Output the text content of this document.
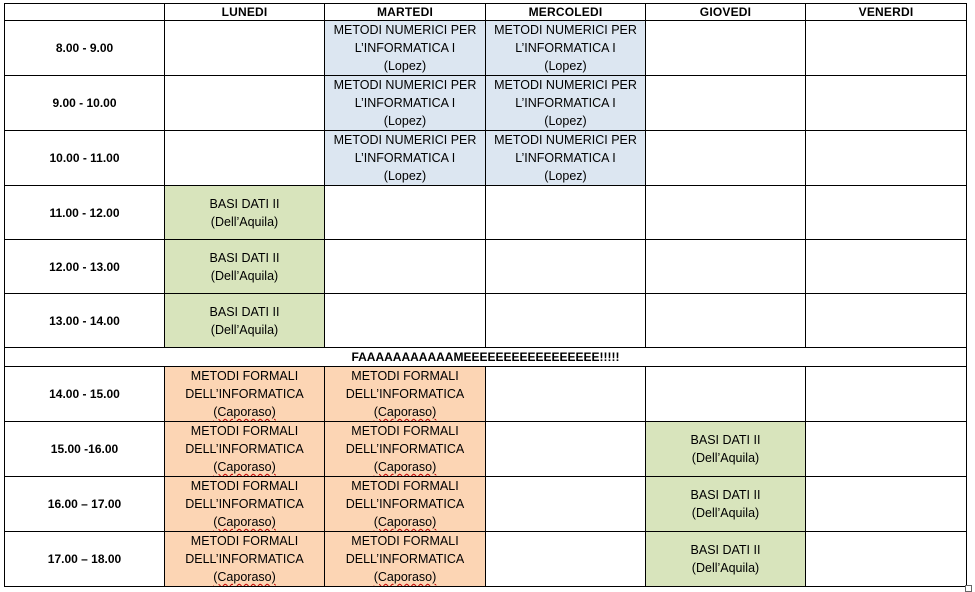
	LUNEDI	MARTEDI	MERCOLEDI	GIOVEDI	VENERDI
8.00 - 9.00		METODI NUMERICI PER
L’INFORMATICA I
(Lopez)	METODI NUMERICI PER
L’INFORMATICA I
(Lopez)		

9.00 - 10.00		METODI NUMERICI PER
L’INFORMATICA I
(Lopez)	METODI NUMERICI PER
L’INFORMATICA I
(Lopez)		

10.00 - 11.00		METODI NUMERICI PER
L’INFORMATICA I
(Lopez)	METODI NUMERICI PER
L’INFORMATICA I
(Lopez)		

11.00 - 12.00	BASI DATI II
(Dell’Aquila)				

12.00 - 13.00	BASI DATI II
(Dell’Aquila)				

13.00 - 14.00	BASI DATI II
(Dell’Aquila)				

FAAAAAAAAAAAMEEEEEEEEEEEEEEEEE!!!!!					
14.00 - 15.00	METODI FORMALI
DELL’INFORMATICA
(Caporaso)	METODI FORMALI
DELL’INFORMATICA
(Caporaso)			

15.00 -16.00	METODI FORMALI
DELL’INFORMATICA
(Caporaso)	METODI FORMALI
DELL’INFORMATICA
(Caporaso)		BASI DATI II
(Dell’Aquila)	

16.00 – 17.00	METODI FORMALI
DELL’INFORMATICA
(Caporaso)	METODI FORMALI
DELL’INFORMATICA
(Caporaso)		BASI DATI II
(Dell’Aquila)	

17.00 – 18.00	METODI FORMALI
DELL’INFORMATICA
(Caporaso)	METODI FORMALI
DELL’INFORMATICA
(Caporaso)		BASI DATI II
(Dell’Aquila)	
